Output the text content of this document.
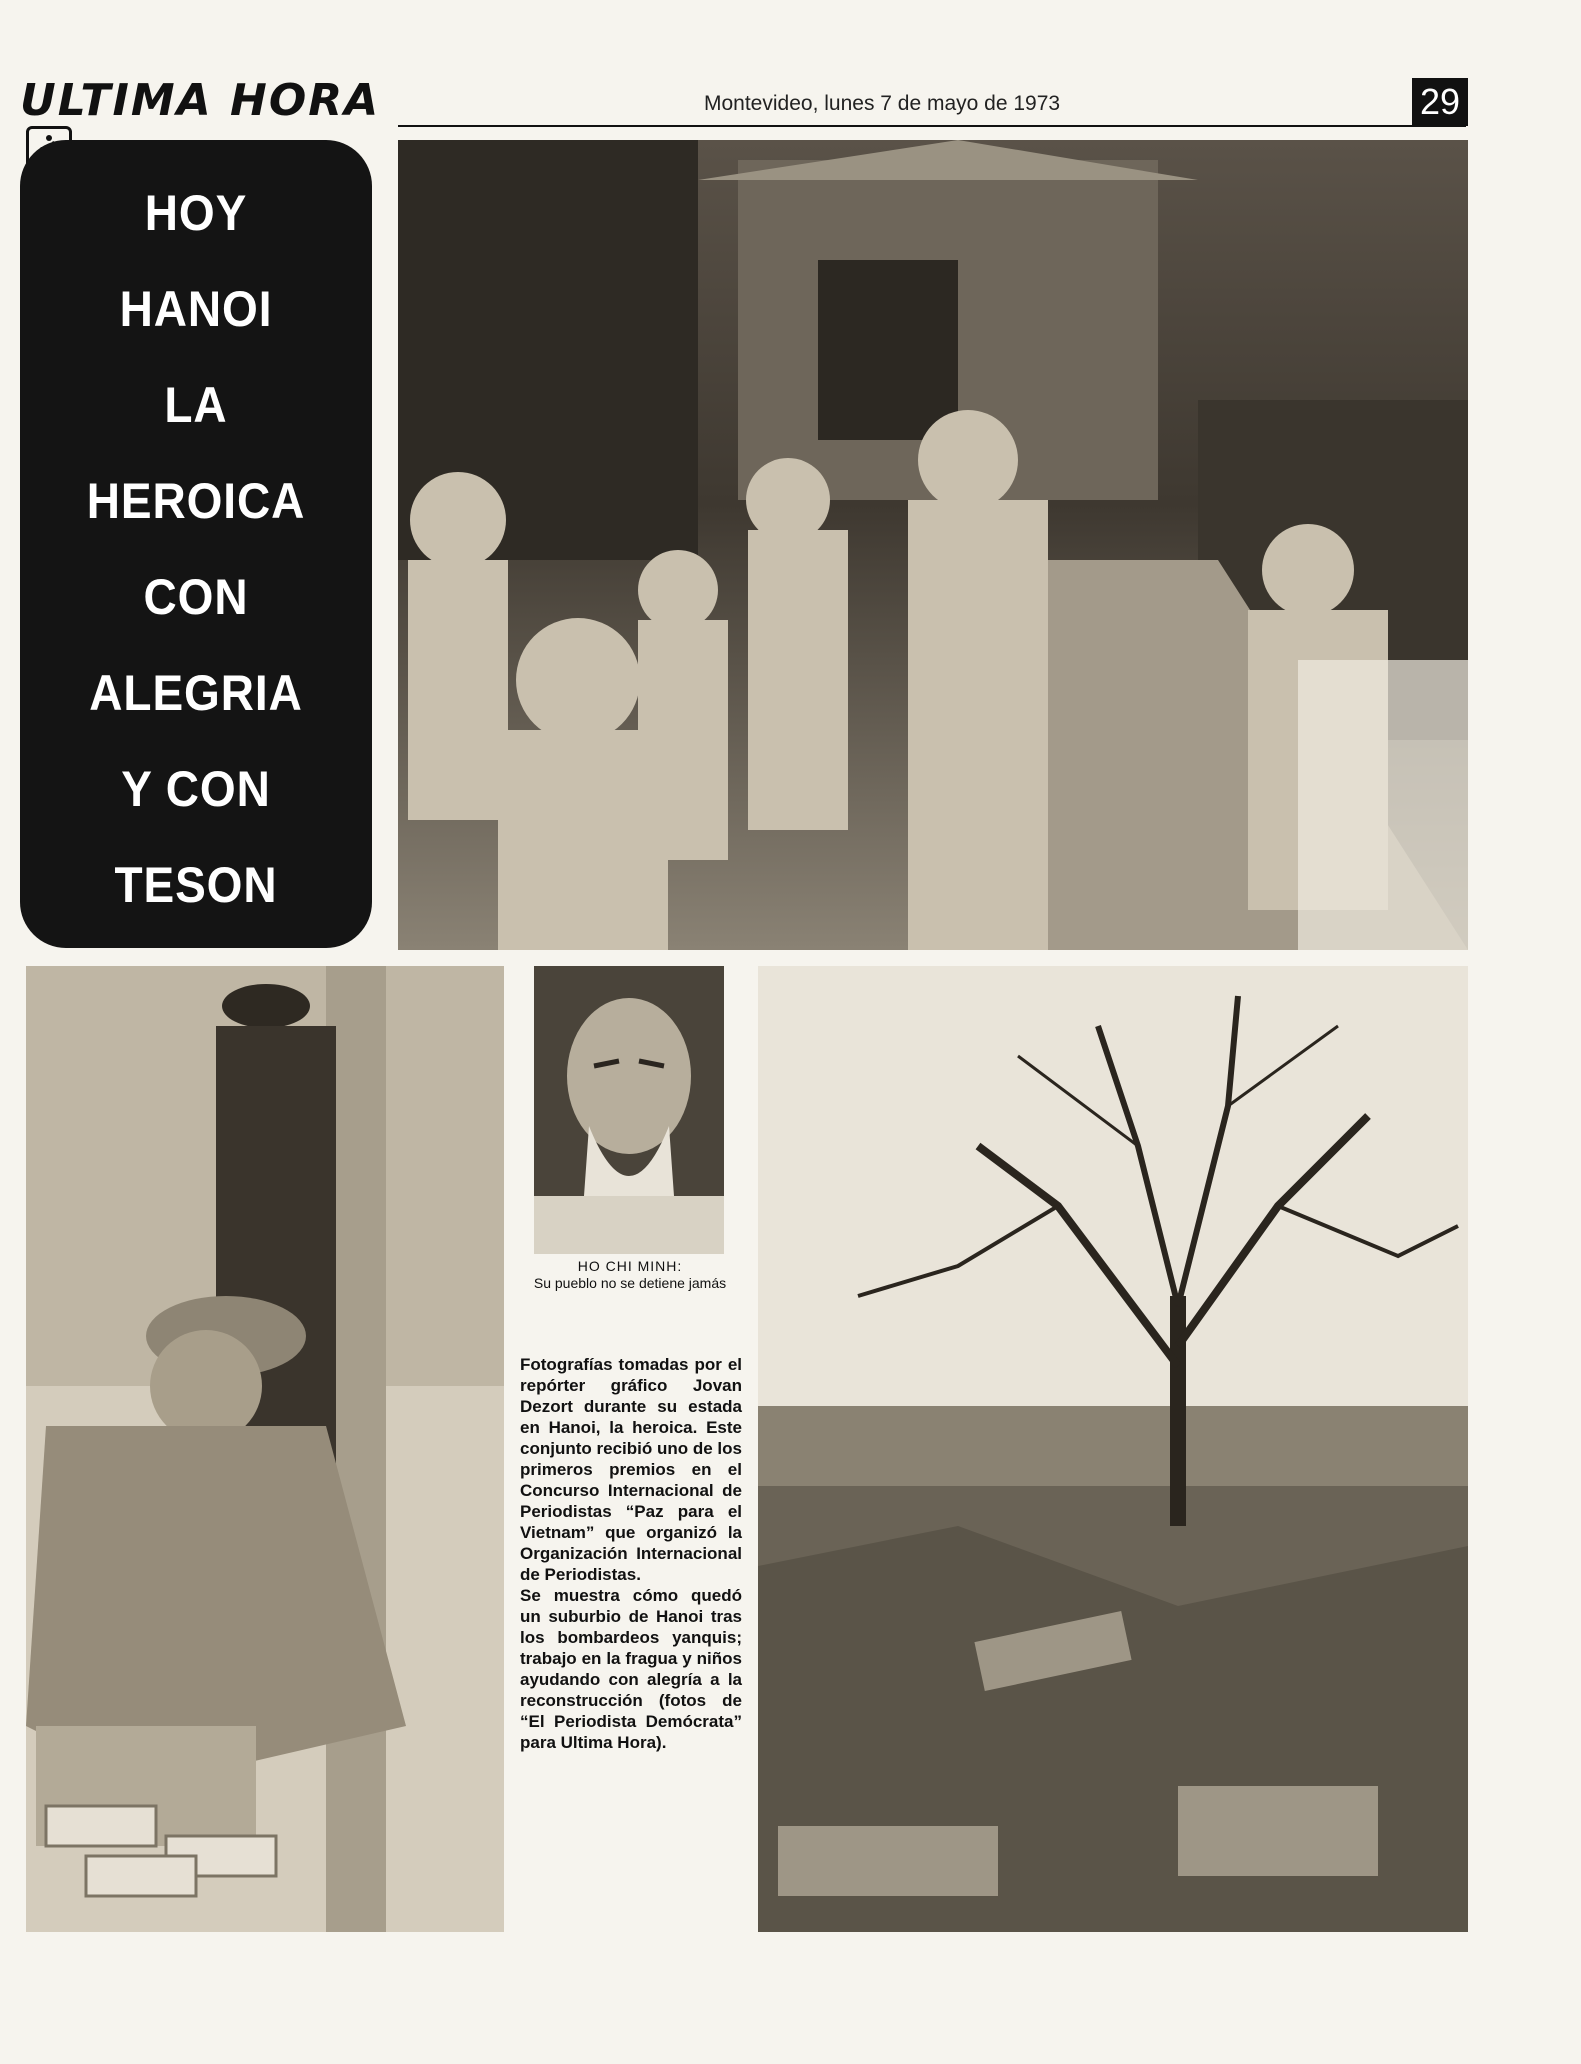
ULTIMA HORA	Montevideo, lunes 7 de mayo de 1973	29
HOY
HANOI
LA
HEROICA
CON
ALEGRIA
Y CON
TESON
HO CHI MINH:
Su pueblo no se detiene jamás

Fotografías tomadas por el repórter gráfico Jovan Dezort durante su estada en Hanoi, la heroica. Este conjunto recibió uno de los primeros premios en el Concurso Internacional de Periodistas “Paz para el Vietnam” que organizó la Organización Internacional de Periodistas.

Se muestra cómo quedó un suburbio de Hanoi tras los bombardeos yanquis; trabajo en la fragua y niños ayudando con alegría a la reconstrucción (fotos de “El Periodista Demócrata” para Ultima Hora).
